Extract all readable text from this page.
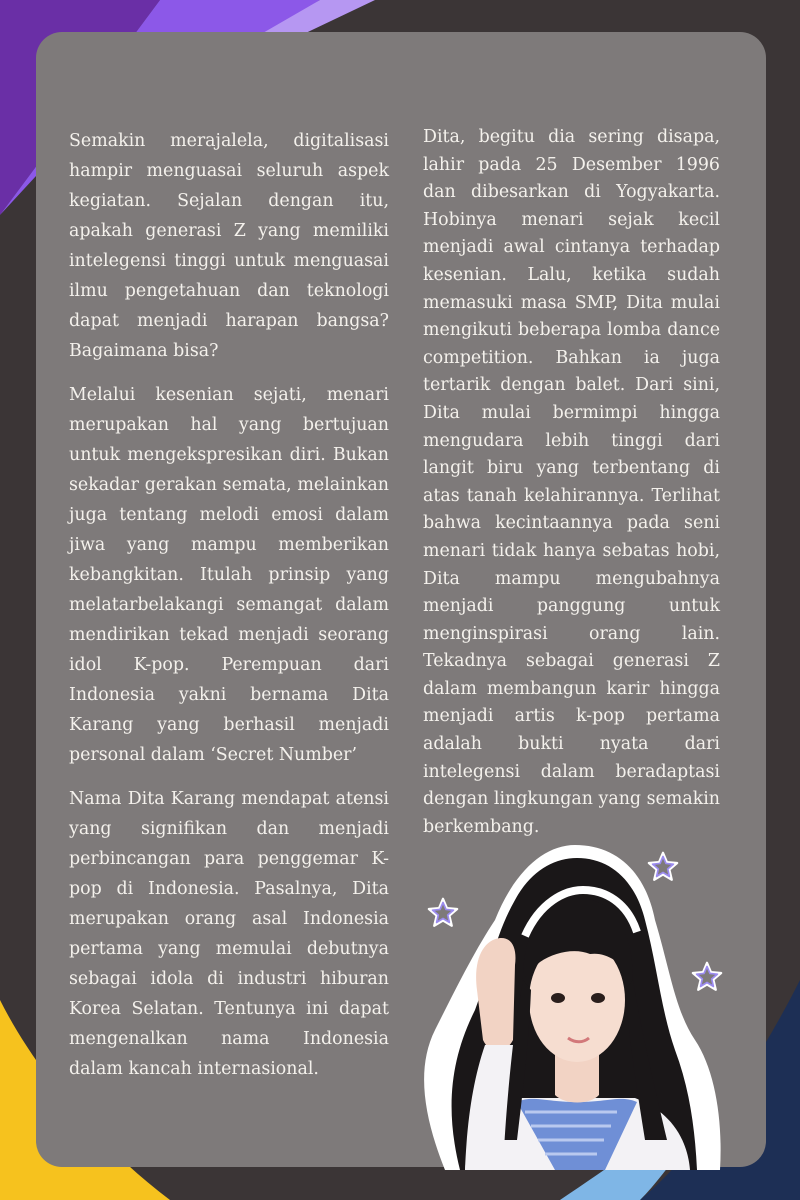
Semakin merajalela, digitalisasi hampir menguasai seluruh aspek kegiatan. Sejalan dengan itu, apakah generasi Z yang memiliki intelegensi tinggi untuk menguasai ilmu pengetahuan dan teknologi dapat menjadi harapan bangsa? Bagaimana bisa?

Melalui kesenian sejati, menari merupakan hal yang bertujuan untuk mengekspresikan diri. Bukan sekadar gerakan semata, melainkan juga tentang melodi emosi dalam jiwa yang mampu memberikan kebangkitan. Itulah prinsip yang melatarbelakangi semangat dalam mendirikan tekad menjadi seorang idol K-pop. Perempuan dari Indonesia yakni bernama Dita Karang yang berhasil menjadi personal dalam ‘Secret Number’

Nama Dita Karang mendapat atensi yang signifikan dan menjadi perbincangan para penggemar K-pop di Indonesia. Pasalnya, Dita merupakan orang asal Indonesia pertama yang memulai debutnya sebagai idola di industri hiburan Korea Selatan. Tentunya ini dapat mengenalkan nama Indonesia dalam kancah internasional.

Dita, begitu dia sering disapa, lahir pada 25 Desember 1996 dan dibesarkan di Yogyakarta. Hobinya menari sejak kecil menjadi awal cintanya terhadap kesenian. Lalu, ketika sudah memasuki masa SMP, Dita mulai mengikuti beberapa lomba dance competition. Bahkan ia juga tertarik dengan balet. Dari sini, Dita mulai bermimpi hingga mengudara lebih tinggi dari langit biru yang terbentang di atas tanah kelahirannya. Terlihat bahwa kecintaannya pada seni menari tidak hanya sebatas hobi, Dita mampu mengubahnya menjadi panggung untuk menginspirasi orang lain. Tekadnya sebagai generasi Z dalam membangun karir hingga menjadi artis k-pop pertama adalah bukti nyata dari intelegensi dalam beradaptasi dengan lingkungan yang semakin berkembang.
